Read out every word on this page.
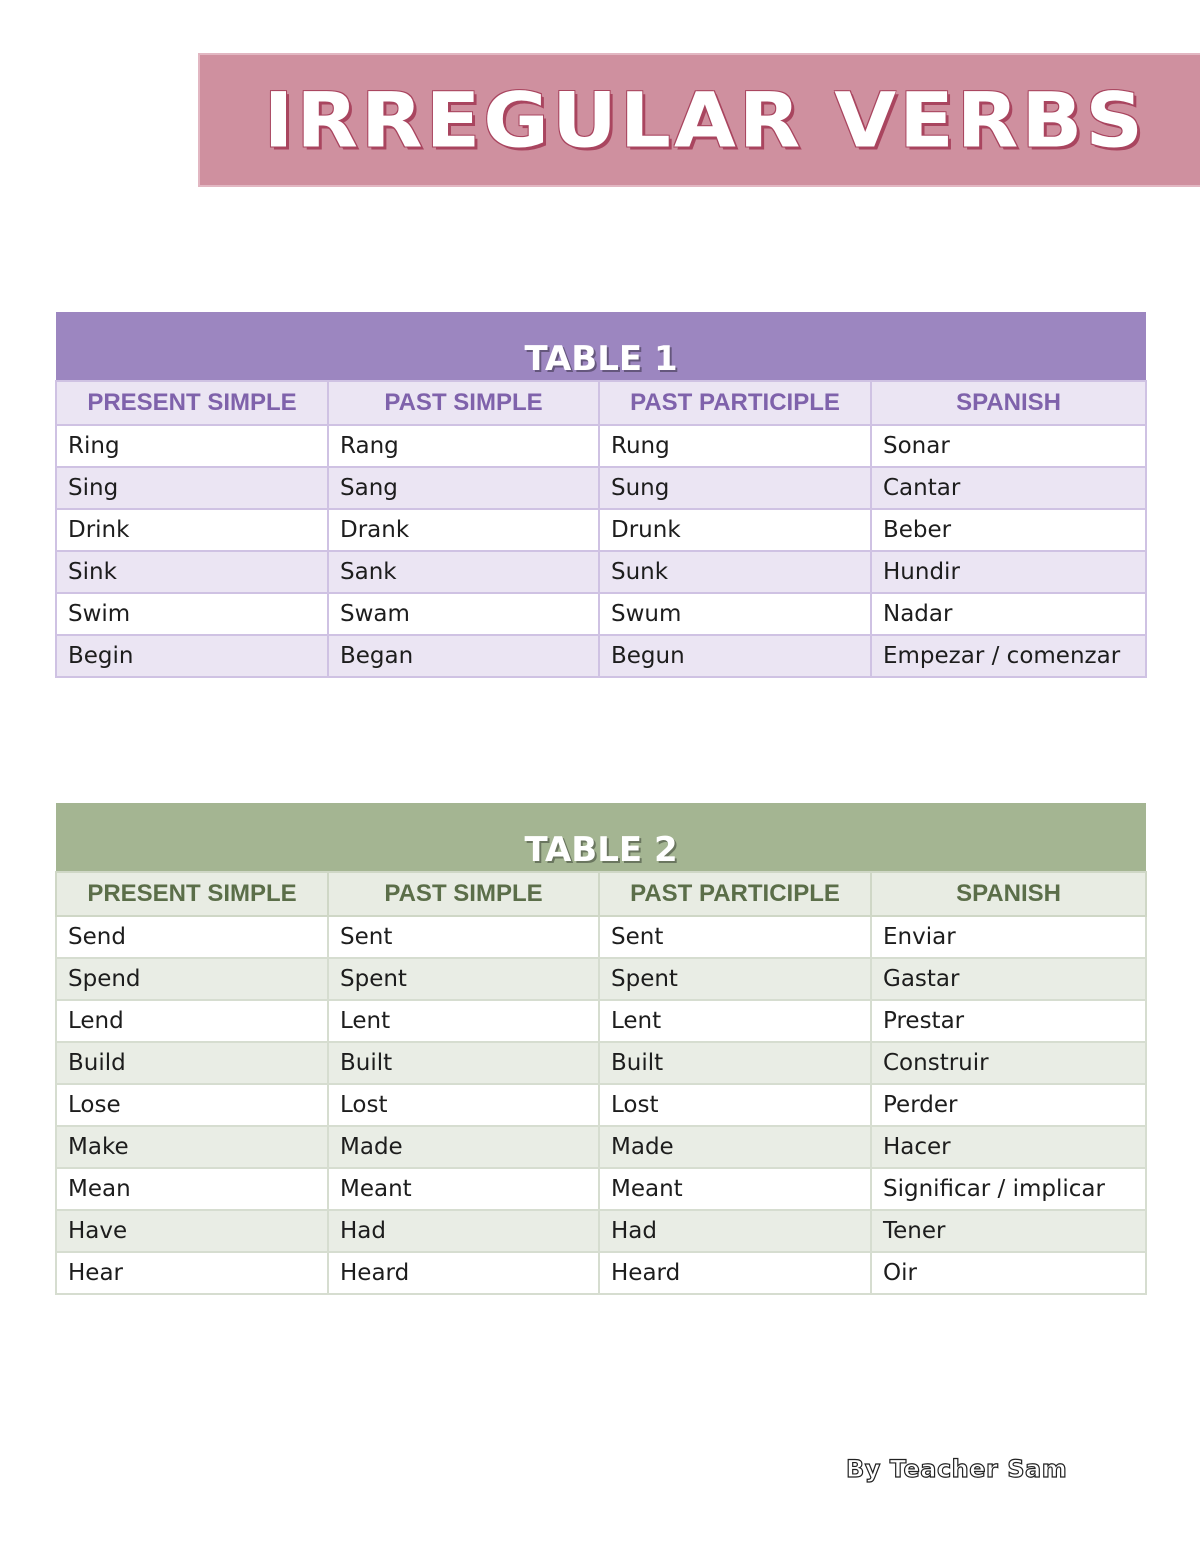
IRREGULAR VERBS
TABLE 1			
PRESENT SIMPLE	PAST SIMPLE	PAST PARTICIPLE	SPANISH
Ring	Rang	Rung	Sonar
Sing	Sang	Sung	Cantar
Drink	Drank	Drunk	Beber
Sink	Sank	Sunk	Hundir
Swim	Swam	Swum	Nadar
Begin	Began	Begun	Empezar / comenzar
TABLE 2			
PRESENT SIMPLE	PAST SIMPLE	PAST PARTICIPLE	SPANISH
Send	Sent	Sent	Enviar
Spend	Spent	Spent	Gastar
Lend	Lent	Lent	Prestar
Build	Built	Built	Construir
Lose	Lost	Lost	Perder
Make	Made	Made	Hacer
Mean	Meant	Meant	Significar / implicar
Have	Had	Had	Tener
Hear	Heard	Heard	Oir
By Teacher Sam
